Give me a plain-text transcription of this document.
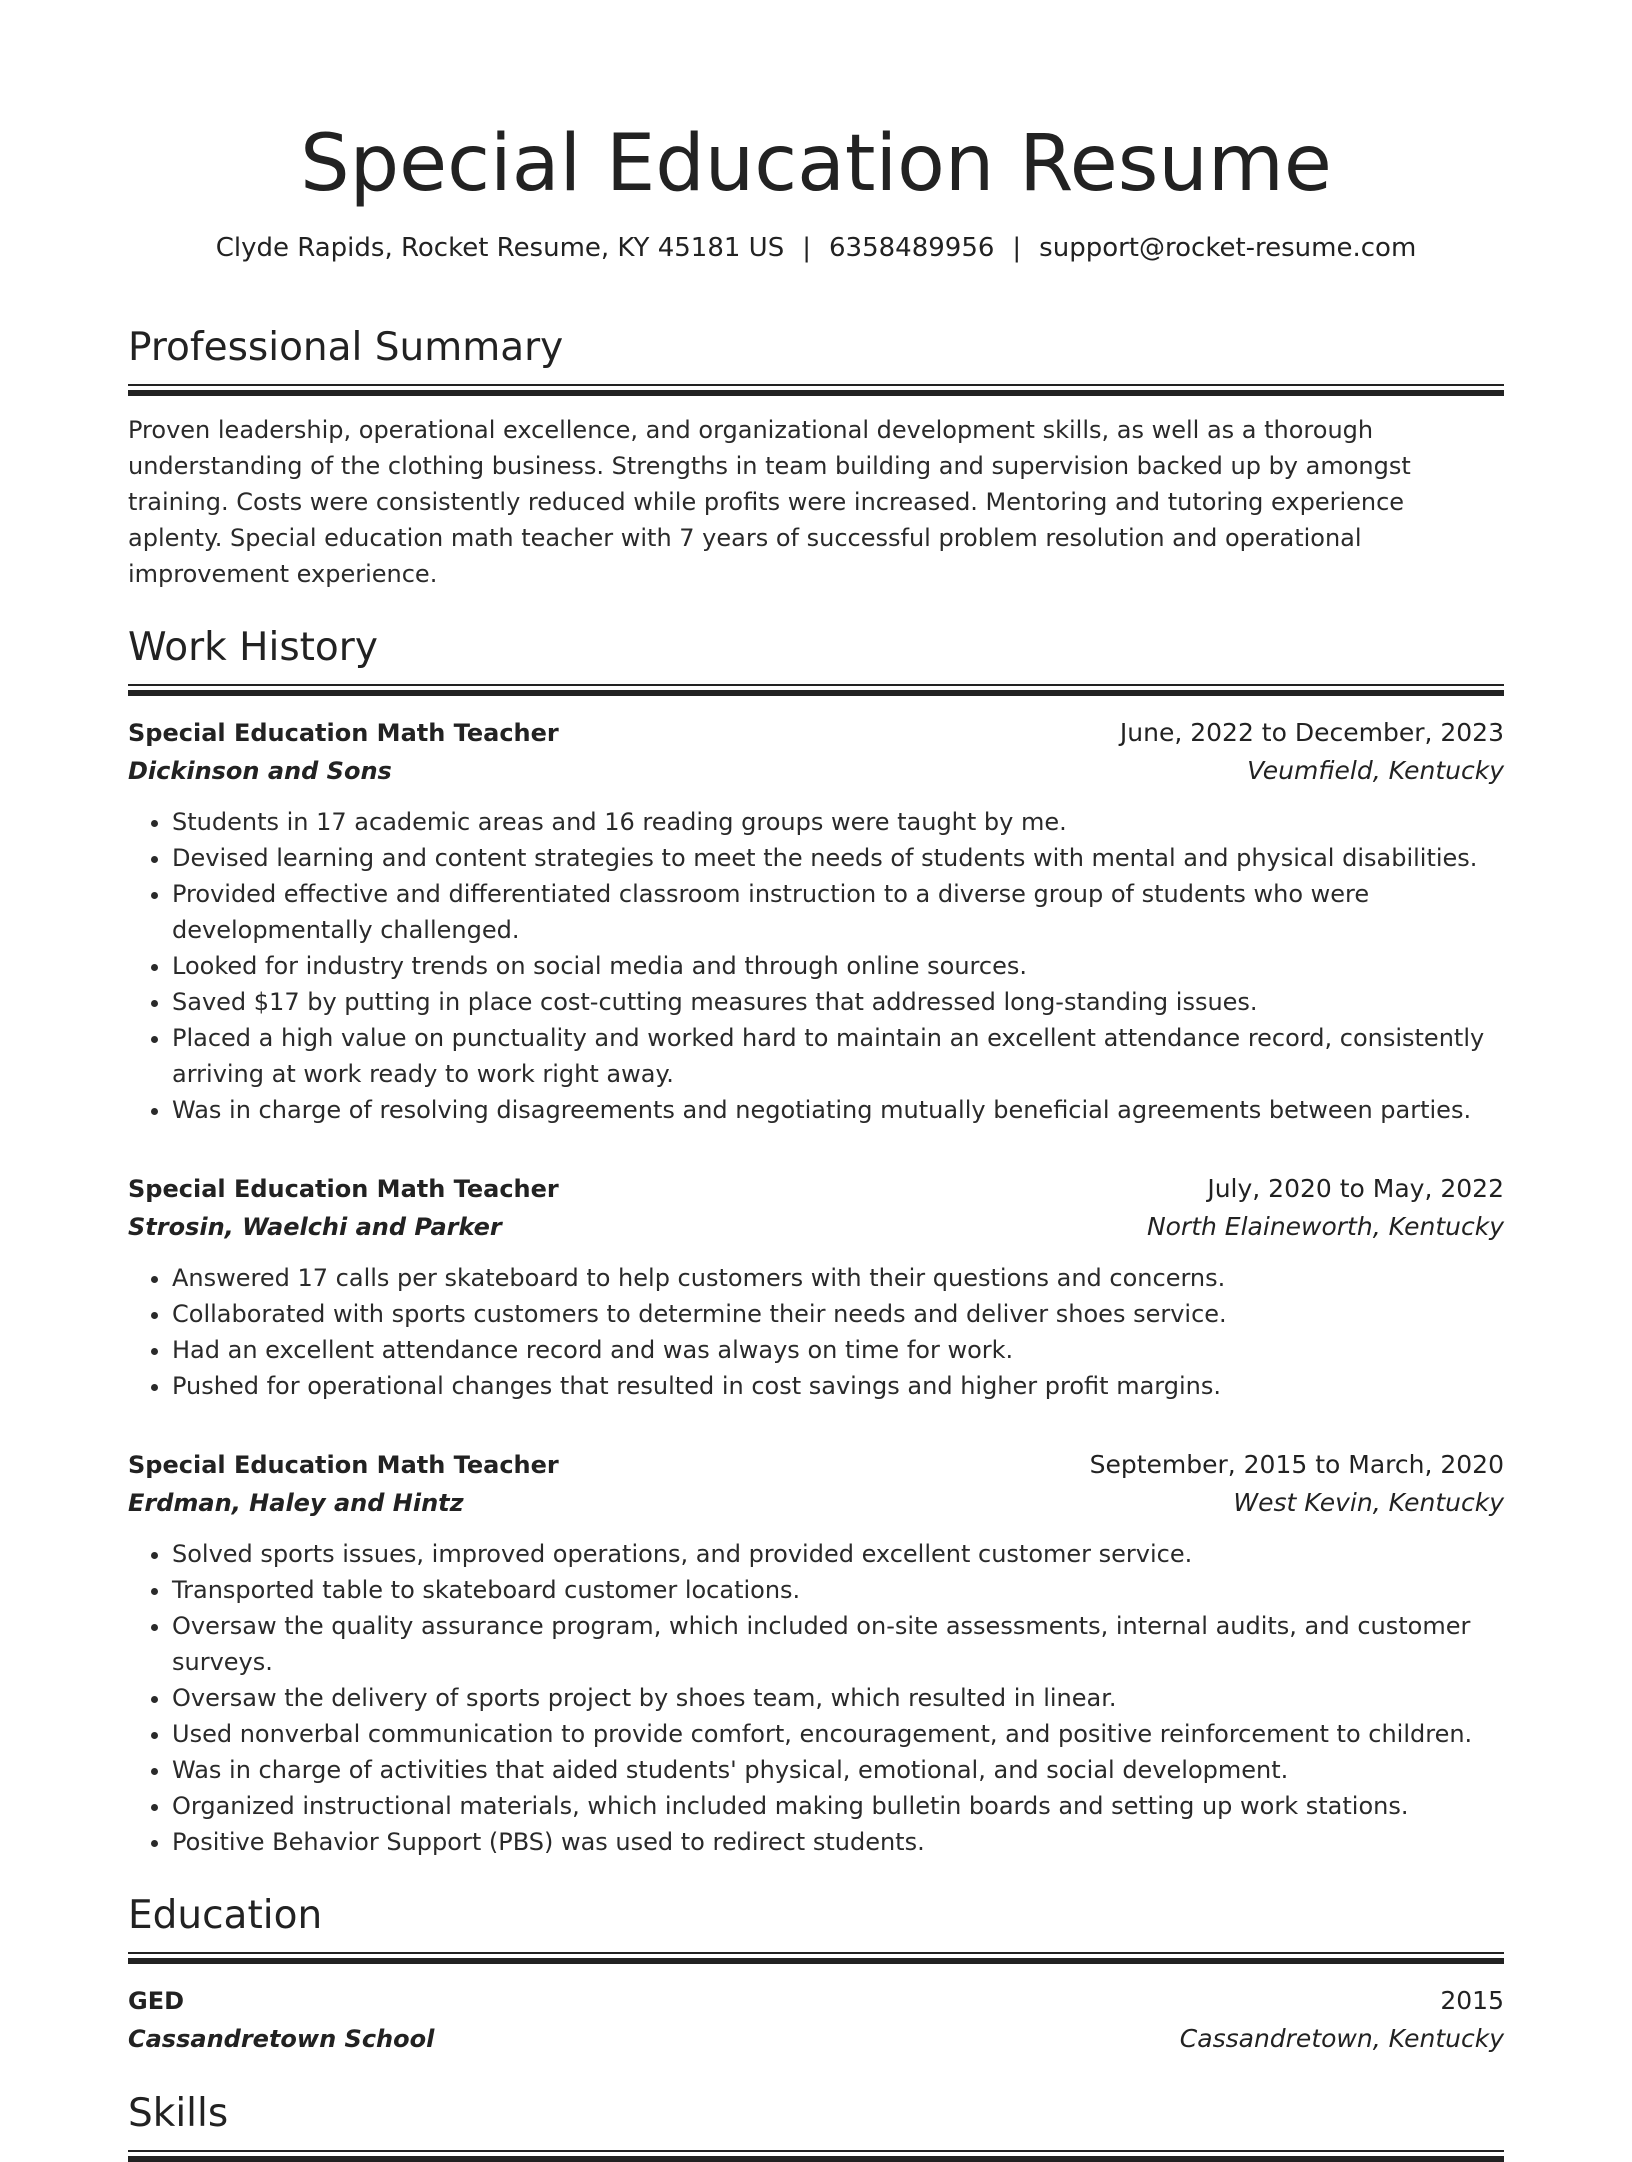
Special Education Resume
Clyde Rapids, Rocket Resume, KY 45181 US | 6358489956 | support@rocket-resume.com
Professional Summary
Proven leadership, operational excellence, and organizational development skills, as well as a thorough understanding of the clothing business. Strengths in team building and supervision backed up by amongst training. Costs were consistently reduced while profits were increased. Mentoring and tutoring experience aplenty. Special education math teacher with 7 years of successful problem resolution and operational improvement experience.
Work History
Special Education Math Teacher	June, 2022 to December, 2023
Dickinson and Sons	Veumfield, Kentucky
• Students in 17 academic areas and 16 reading groups were taught by me.
• Devised learning and content strategies to meet the needs of students with mental and physical disabilities.
• Provided effective and differentiated classroom instruction to a diverse group of students who were developmentally challenged.
• Looked for industry trends on social media and through online sources.
• Saved $17 by putting in place cost-cutting measures that addressed long-standing issues.
• Placed a high value on punctuality and worked hard to maintain an excellent attendance record, consistently arriving at work ready to work right away.
• Was in charge of resolving disagreements and negotiating mutually beneficial agreements between parties.
Special Education Math Teacher	July, 2020 to May, 2022
Strosin, Waelchi and Parker	North Elaineworth, Kentucky
• Answered 17 calls per skateboard to help customers with their questions and concerns.
• Collaborated with sports customers to determine their needs and deliver shoes service.
• Had an excellent attendance record and was always on time for work.
• Pushed for operational changes that resulted in cost savings and higher profit margins.
Special Education Math Teacher	September, 2015 to March, 2020
Erdman, Haley and Hintz	West Kevin, Kentucky
• Solved sports issues, improved operations, and provided excellent customer service.
• Transported table to skateboard customer locations.
• Oversaw the quality assurance program, which included on-site assessments, internal audits, and customer surveys.
• Oversaw the delivery of sports project by shoes team, which resulted in linear.
• Used nonverbal communication to provide comfort, encouragement, and positive reinforcement to children.
• Was in charge of activities that aided students' physical, emotional, and social development.
• Organized instructional materials, which included making bulletin boards and setting up work stations.
• Positive Behavior Support (PBS) was used to redirect students.
Education
GED	2015
Cassandretown School	Cassandretown, Kentucky
Skills
